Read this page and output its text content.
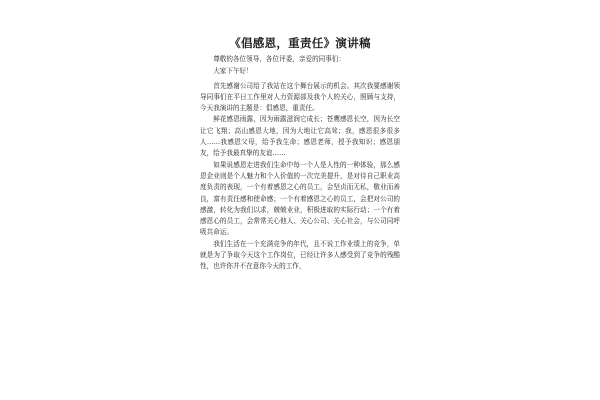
《倡感恩，重责任》演讲稿

尊敬的各位领导，各位评委，亲爱的同事们：

大家下午好！

首先感谢公司给了我站在这个舞台展示的机会。其次我要感谢领导同事们在平日工作里对人力资源部及我个人的关心，照顾与支持，今天我演讲的主题是：倡感恩，重责任。

鲜花感恩雨露，因为雨露滋润它成长；苍鹰感恩长空，因为长空让它飞翔；高山感恩大地，因为大地让它高耸；我，感恩很多很多人……我感恩父母，给予我生命；感恩老师，授予我知识；感恩朋友，给予我最真挚的友谊……

如果说感恩走进我们生命中每一个人是人性的一种体验，那么感恩企业则是个人魅力和个人价值的一次完美提升，是对待自己职业高度负责的表现，一个有着感恩之心的员工，会坚贞而无私，敬业而善良，富有责任感和使命感；一个有着感恩之心的员工，会把对公司的感激，转化为我们以求，兢兢业业，积极进取的实际行动；一个有着感恩心的员工，会常常关心他人、关心公司、关心社会，与公司同呼吸共命运。

我们生活在一个充满竞争的年代，且不说工作业绩上的竞争，单就是为了争取今天这个工作岗位，已经让许多人感受到了竞争的残酷性，也许你并不在意你今天的工作，
